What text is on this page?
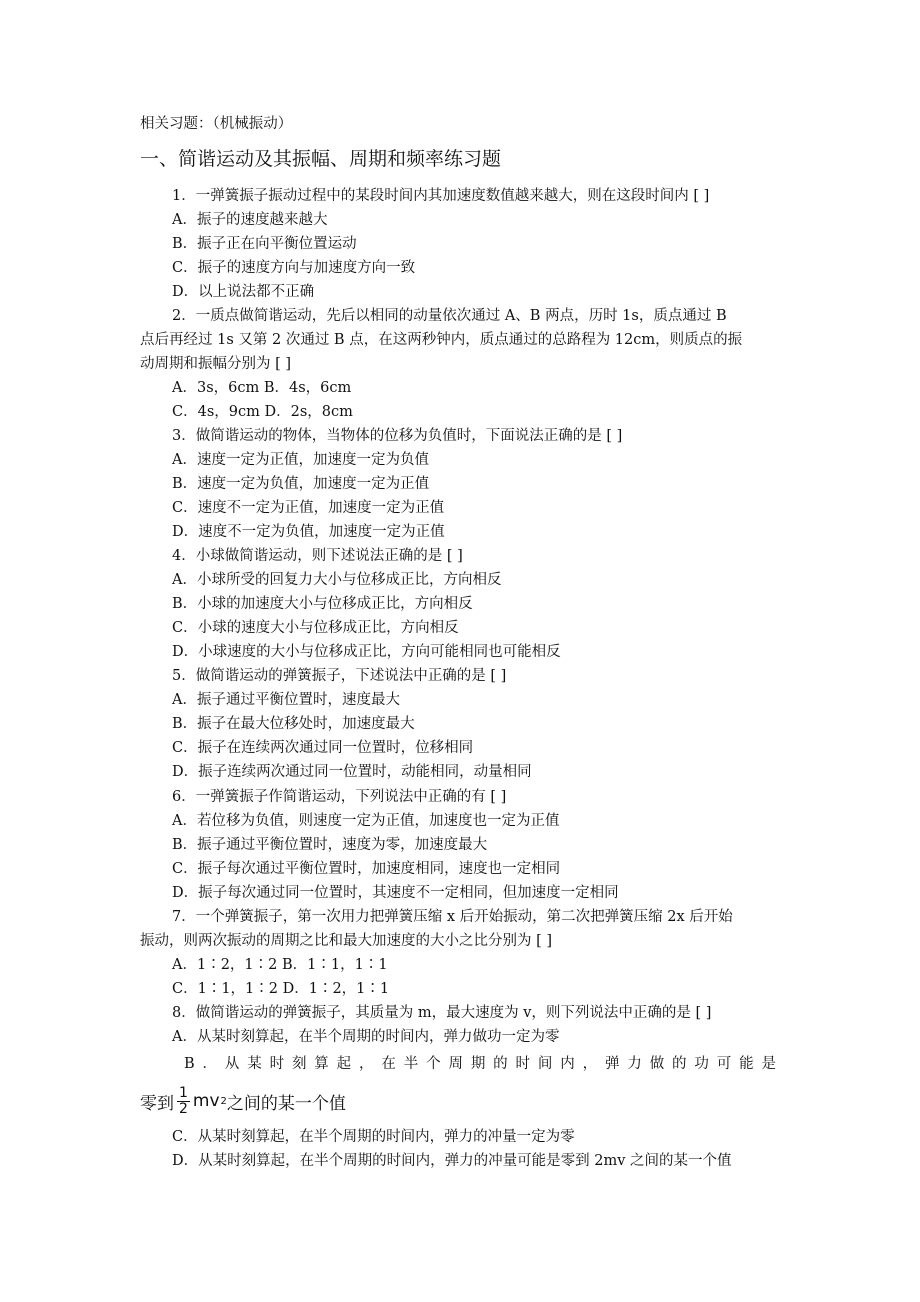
相关习题：（机械振动）
一、简谐运动及其振幅、周期和频率练习题
1．一弹簧振子振动过程中的某段时间内其加速度数值越来越大，则在这段时间内 [ ]
A．振子的速度越来越大
B．振子正在向平衡位置运动
C．振子的速度方向与加速度方向一致
D．以上说法都不正确
2．一质点做简谐运动，先后以相同的动量依次通过 A、B 两点，历时 1s，质点通过 B
点后再经过 1s 又第 2 次通过 B 点，在这两秒钟内，质点通过的总路程为 12cm，则质点的振
动周期和振幅分别为 [ ]
A．3s，6cm B．4s，6cm
C．4s，9cm D．2s，8cm
3．做简谐运动的物体，当物体的位移为负值时，下面说法正确的是 [ ]
A．速度一定为正值，加速度一定为负值
B．速度一定为负值，加速度一定为正值
C．速度不一定为正值，加速度一定为正值
D．速度不一定为负值，加速度一定为正值
4．小球做简谐运动，则下述说法正确的是 [ ]
A．小球所受的回复力大小与位移成正比，方向相反
B．小球的加速度大小与位移成正比，方向相反
C．小球的速度大小与位移成正比，方向相反
D．小球速度的大小与位移成正比，方向可能相同也可能相反
5．做简谐运动的弹簧振子，下述说法中正确的是 [ ]
A．振子通过平衡位置时，速度最大
B．振子在最大位移处时，加速度最大
C．振子在连续两次通过同一位置时，位移相同
D．振子连续两次通过同一位置时，动能相同，动量相同
6．一弹簧振子作简谐运动，下列说法中正确的有 [ ]
A．若位移为负值，则速度一定为正值，加速度也一定为正值
B．振子通过平衡位置时，速度为零，加速度最大
C．振子每次通过平衡位置时，加速度相同，速度也一定相同
D．振子每次通过同一位置时，其速度不一定相同，但加速度一定相同
7．一个弹簧振子，第一次用力把弹簧压缩 x 后开始振动，第二次把弹簧压缩 2x 后开始
振动，则两次振动的周期之比和最大加速度的大小之比分别为 [ ]
A．1∶2，1∶2 B．1∶1，1∶1
C．1∶1，1∶2 D．1∶2，1∶1
8．做简谐运动的弹簧振子，其质量为 m，最大速度为 v，则下列说法中正确的是 [ ]
A．从某时刻算起，在半个周期的时间内，弹力做功一定为零
B．从某时刻算起，在半个周期的时间内，弹力做的功可能是
零到 $\frac{1}{2}$ mv 2 之间的某一个值
C．从某时刻算起，在半个周期的时间内，弹力的冲量一定为零
D．从某时刻算起，在半个周期的时间内，弹力的冲量可能是零到 2mv 之间的某一个值
